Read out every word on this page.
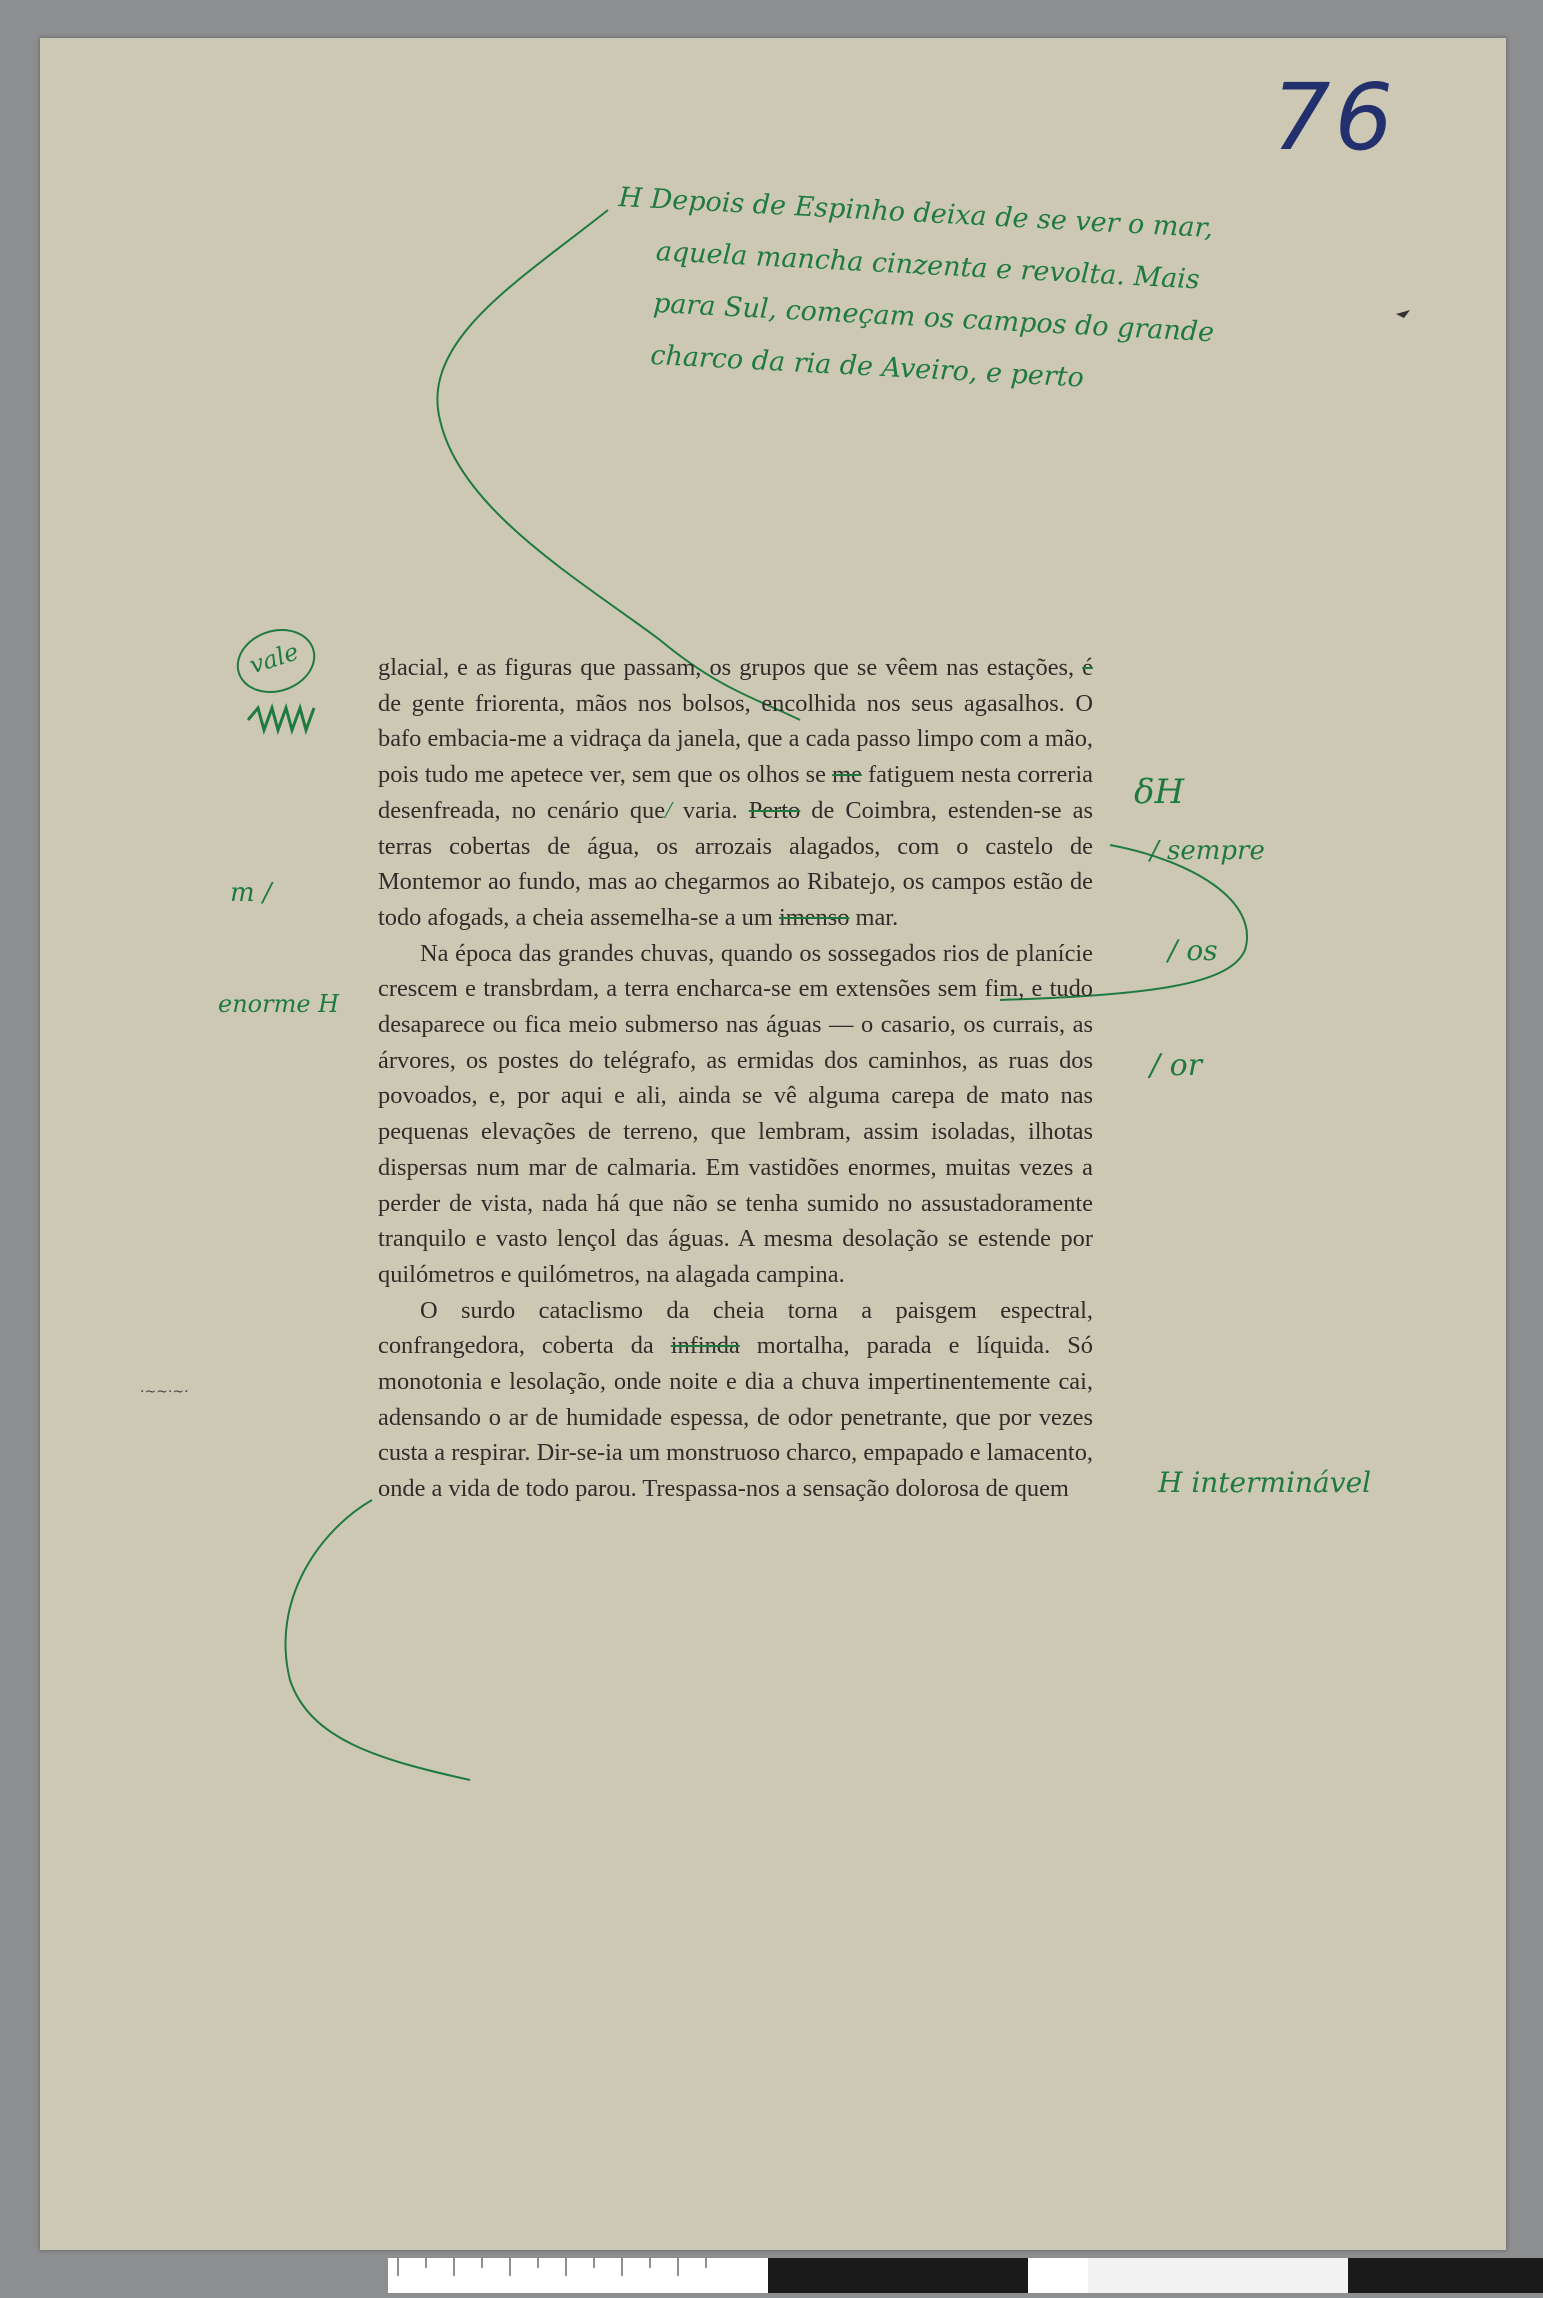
76
H Depois de Espinho deixa de se ver o mar,
aquela mancha cinzenta e revolta. Mais
para Sul, começam os campos do grande
charco da ria de Aveiro, e perto
vale
m /
enorme H
δH
/ sempre
/ os
/ or
H interminável
·~~·~·

glacial, e as figuras que passam, os grupos que se vêem nas estações, é de gente friorenta, mãos nos bolsos, encolhida nos seus agasalhos. O bafo embacia-me a vidraça da janela, que a cada passo limpo com a mão, pois tudo me apetece ver, sem que os olhos se me fatiguem nesta correria desenfreada, no cenário que/ varia. Perto de Coimbra, estenden-se as terras cobertas de água, os arrozais alagados, com o castelo de Montemor ao fundo, mas ao chegarmos ao Ribatejo, os campos estão de todo afogads, a cheia assemelha-se a um imenso mar.

Na época das grandes chuvas, quando os sossegados rios de planície crescem e transbrdam, a terra encharca-se em extensões sem fim, e tudo desaparece ou fica meio submerso nas águas — o casario, os currais, as árvores, os postes do telégrafo, as ermidas dos caminhos, as ruas dos povoados, e, por aqui e ali, ainda se vê alguma carepa de mato nas pequenas elevações de terreno, que lembram, assim isoladas, ilhotas dispersas num mar de calmaria. Em vastidões enormes, muitas vezes a perder de vista, nada há que não se tenha sumido no assustadoramente tranquilo e vasto lençol das águas. A mesma desolação se estende por quilómetros e quilómetros, na alagada campina.

O surdo cataclismo da cheia torna a paisgem espectral, confrangedora, coberta da infinda mortalha, parada e líquida. Só monotonia e lesolação, onde noite e dia a chuva impertinentemente cai, adensando o ar de humidade espessa, de odor penetrante, que por vezes custa a respirar. Dir-se-ia um monstruoso charco, empapado e lamacento, onde a vida de todo parou. Trespassa-nos a sensação dolorosa de quem
